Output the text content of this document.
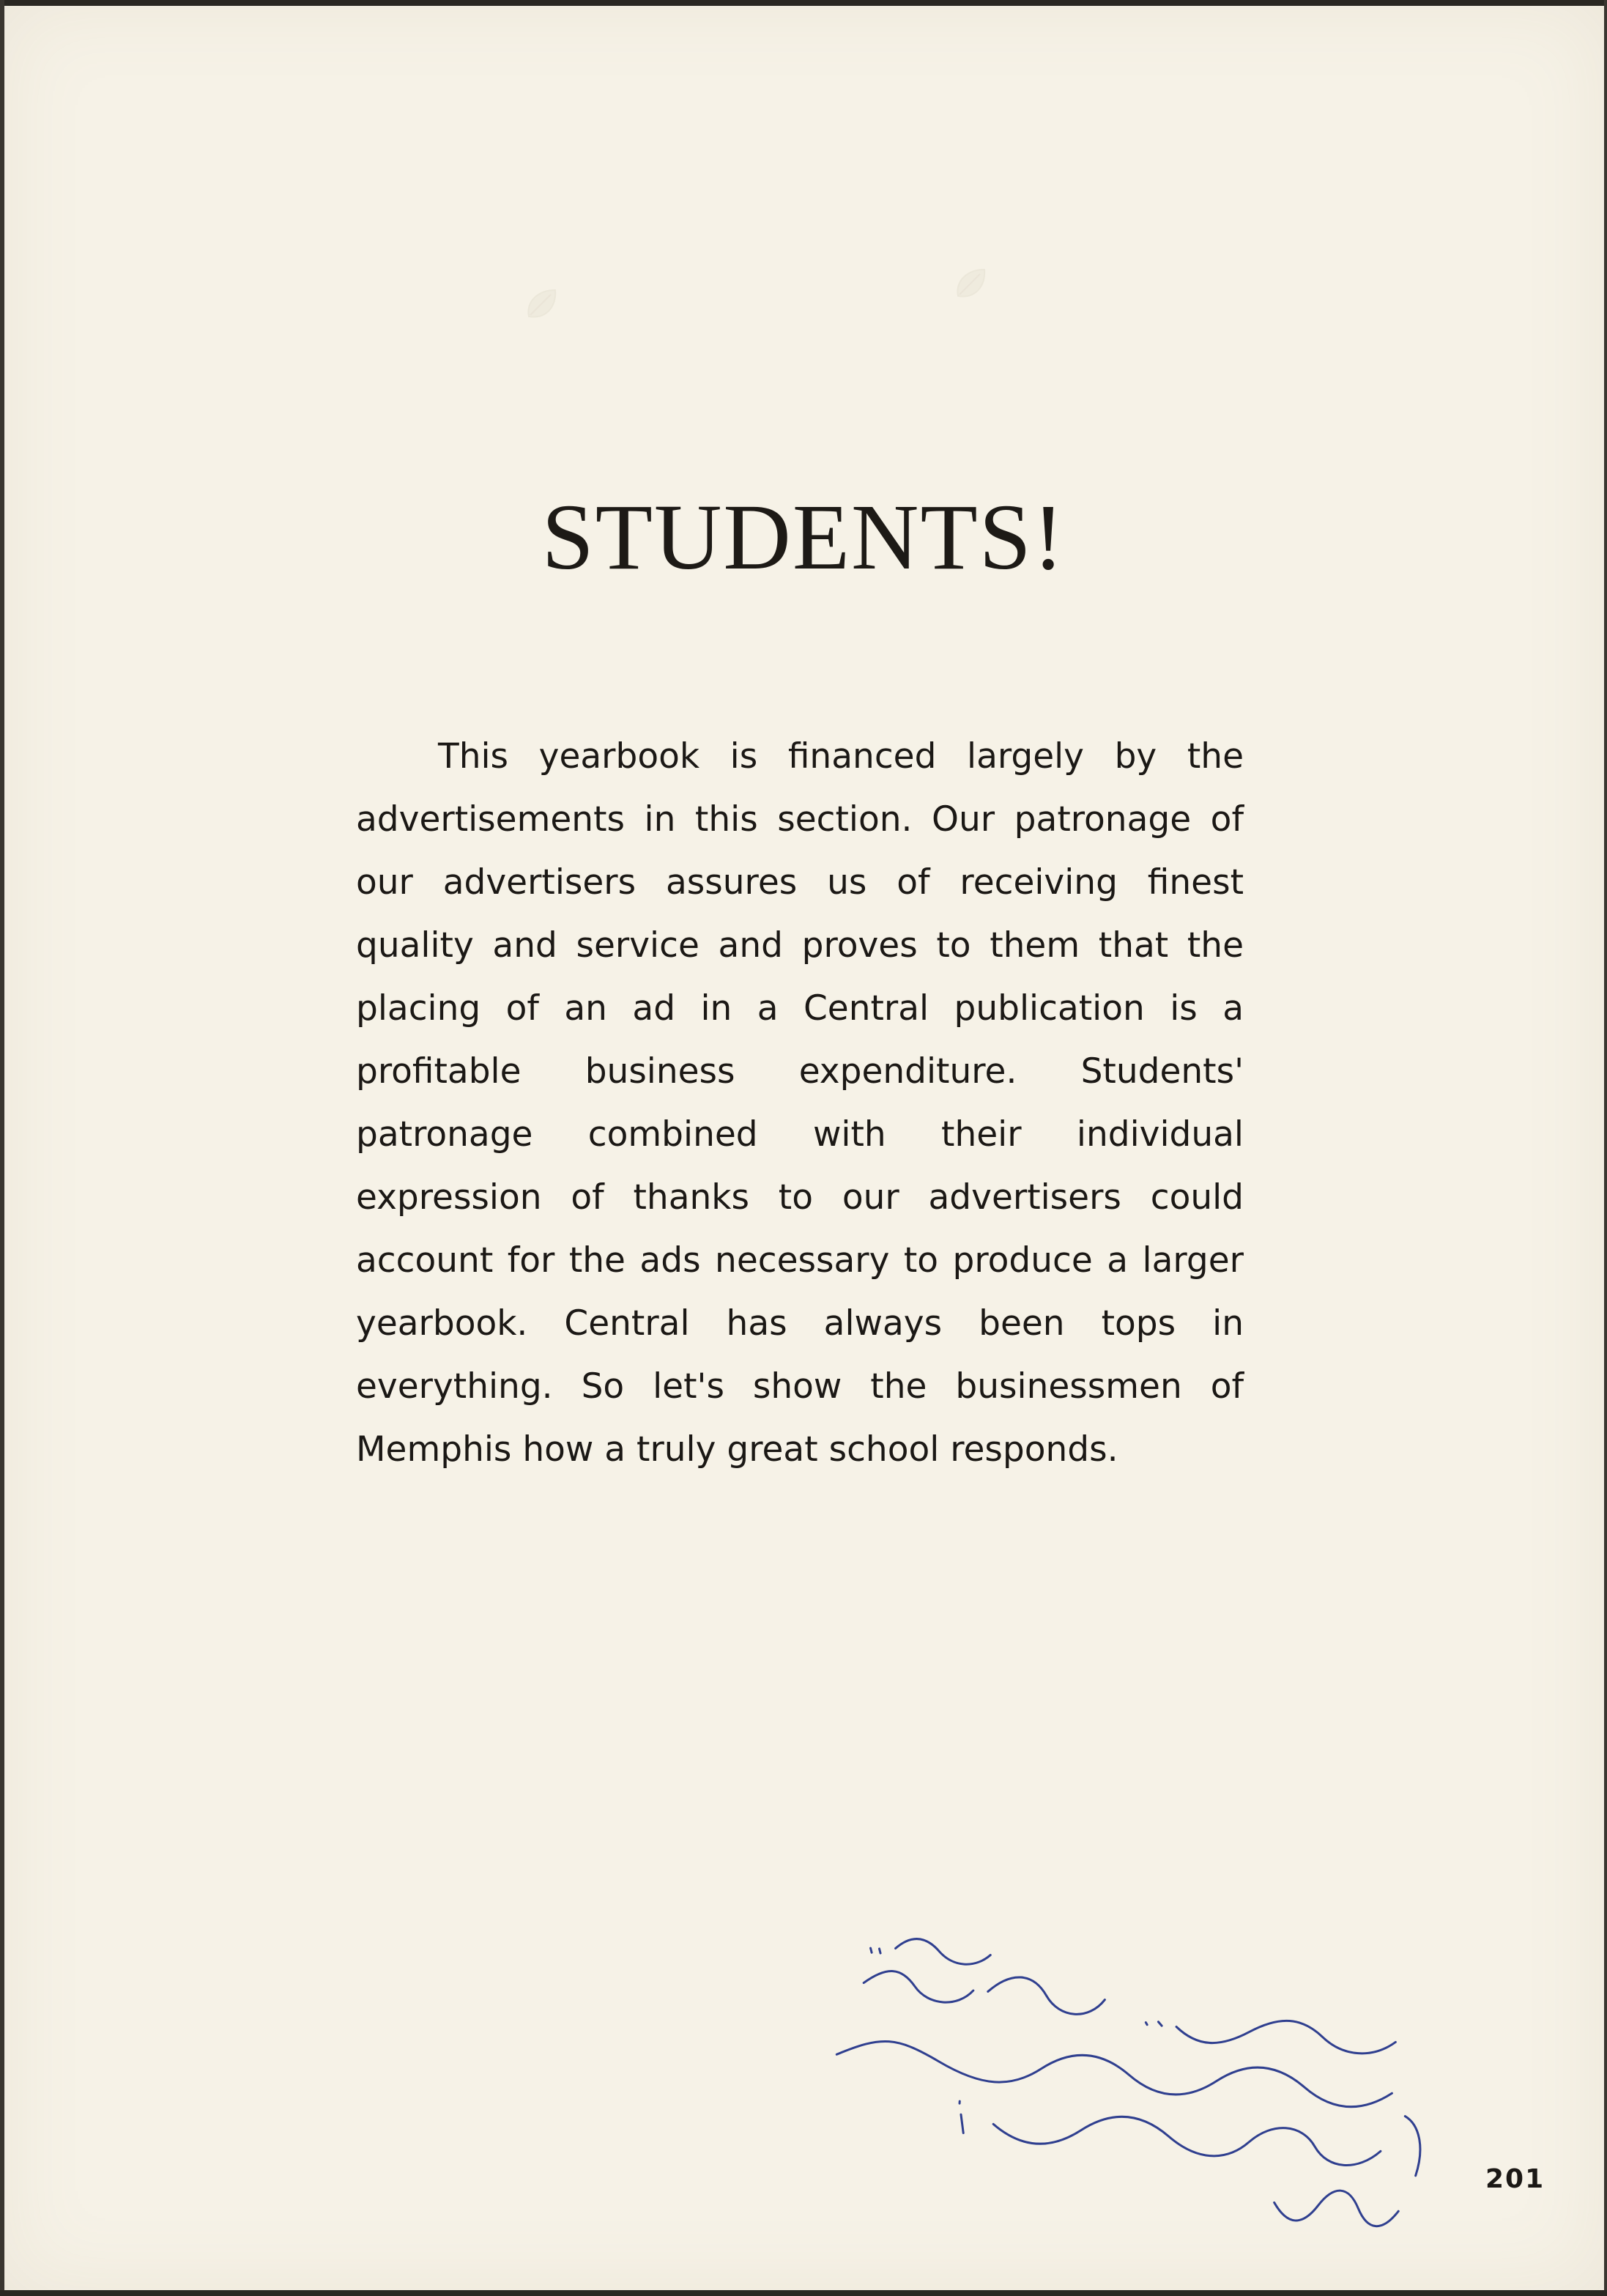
STUDENTS!

This yearbook is financed largely by the advertisements in this section. Our patronage of our advertisers assures us of receiving finest quality and service and proves to them that the placing of an ad in a Central publication is a profitable business expenditure. Students' patronage combined with their individual expression of thanks to our advertisers could account for the ads necessary to produce a larger yearbook. Central has always been tops in everything. So let's show the businessmen of Memphis how a truly great school responds.

201
